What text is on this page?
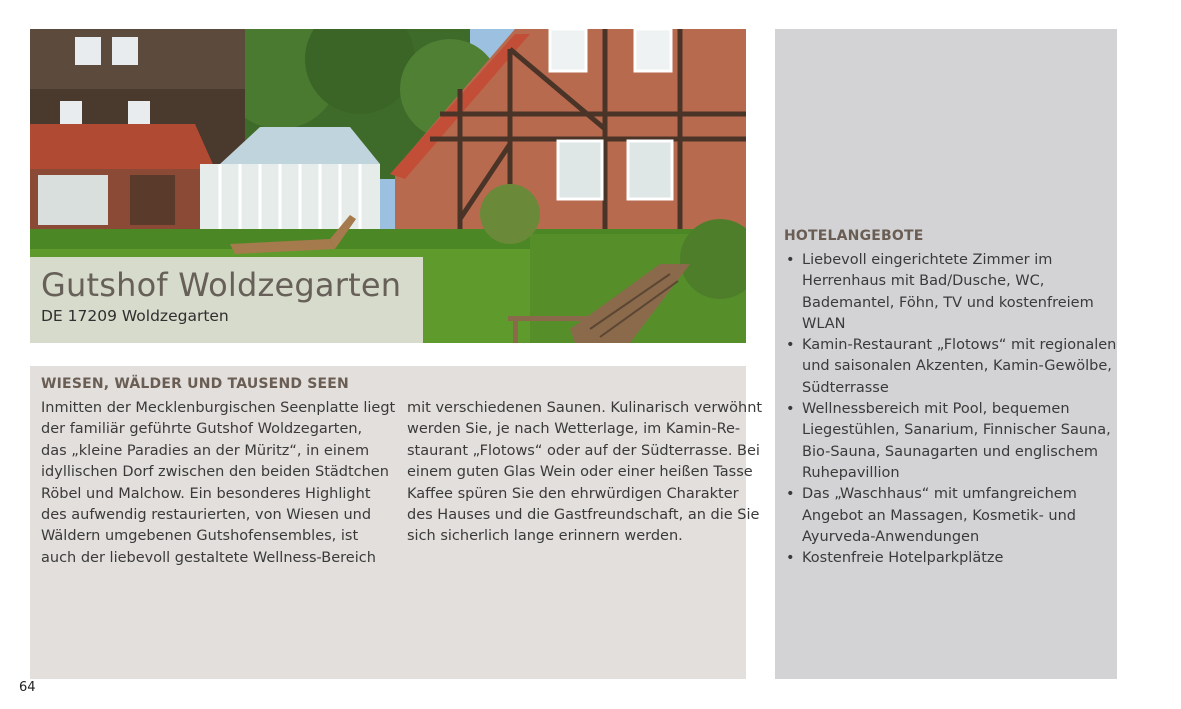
Gutshof Woldzegarten
DE 17209 Woldzegarten
WIESEN, WÄLDER UND TAUSEND SEEN

Inmitten der Mecklenburgischen Seenplatte liegt

der familiär geführte Gutshof Woldzegarten,

das „kleine Paradies an der Müritz“, in einem

idyllischen Dorf zwischen den beiden Städtchen

Röbel und Malchow. Ein besonderes Highlight

des aufwendig restaurierten, von Wiesen und

Wäldern umgebenen Gutshofensembles, ist

auch der liebevoll gestaltete Wellness-Bereich

mit verschiedenen Saunen. Kulinarisch verwöhnt

werden Sie, je nach Wetterlage, im Kamin-Re-

staurant „Flotows“ oder auf der Südterrasse. Bei

einem guten Glas Wein oder einer heißen Tasse

Kaffee spüren Sie den ehrwürdigen Charakter

des Hauses und die Gastfreundschaft, an die Sie

sich sicherlich lange erinnern werden.

HOTELANGEBOTE
• Liebevoll eingerichtete Zimmer im
Herrenhaus mit Bad/Dusche, WC,
Bademantel, Föhn, TV und kostenfreiem
WLAN
• Kamin-Restaurant „Flotows“ mit regionalen
und saisonalen Akzenten, Kamin-Gewölbe,
Südterrasse
• Wellnessbereich mit Pool, bequemen
Liegestühlen, Sanarium, Finnischer Sauna,
Bio-Sauna, Saunagarten und englischem
Ruhepavillion
• Das „Waschhaus“ mit umfangreichem
Angebot an Massagen, Kosmetik- und
Ayurveda-Anwendungen
• Kostenfreie Hotelparkplätze
64
